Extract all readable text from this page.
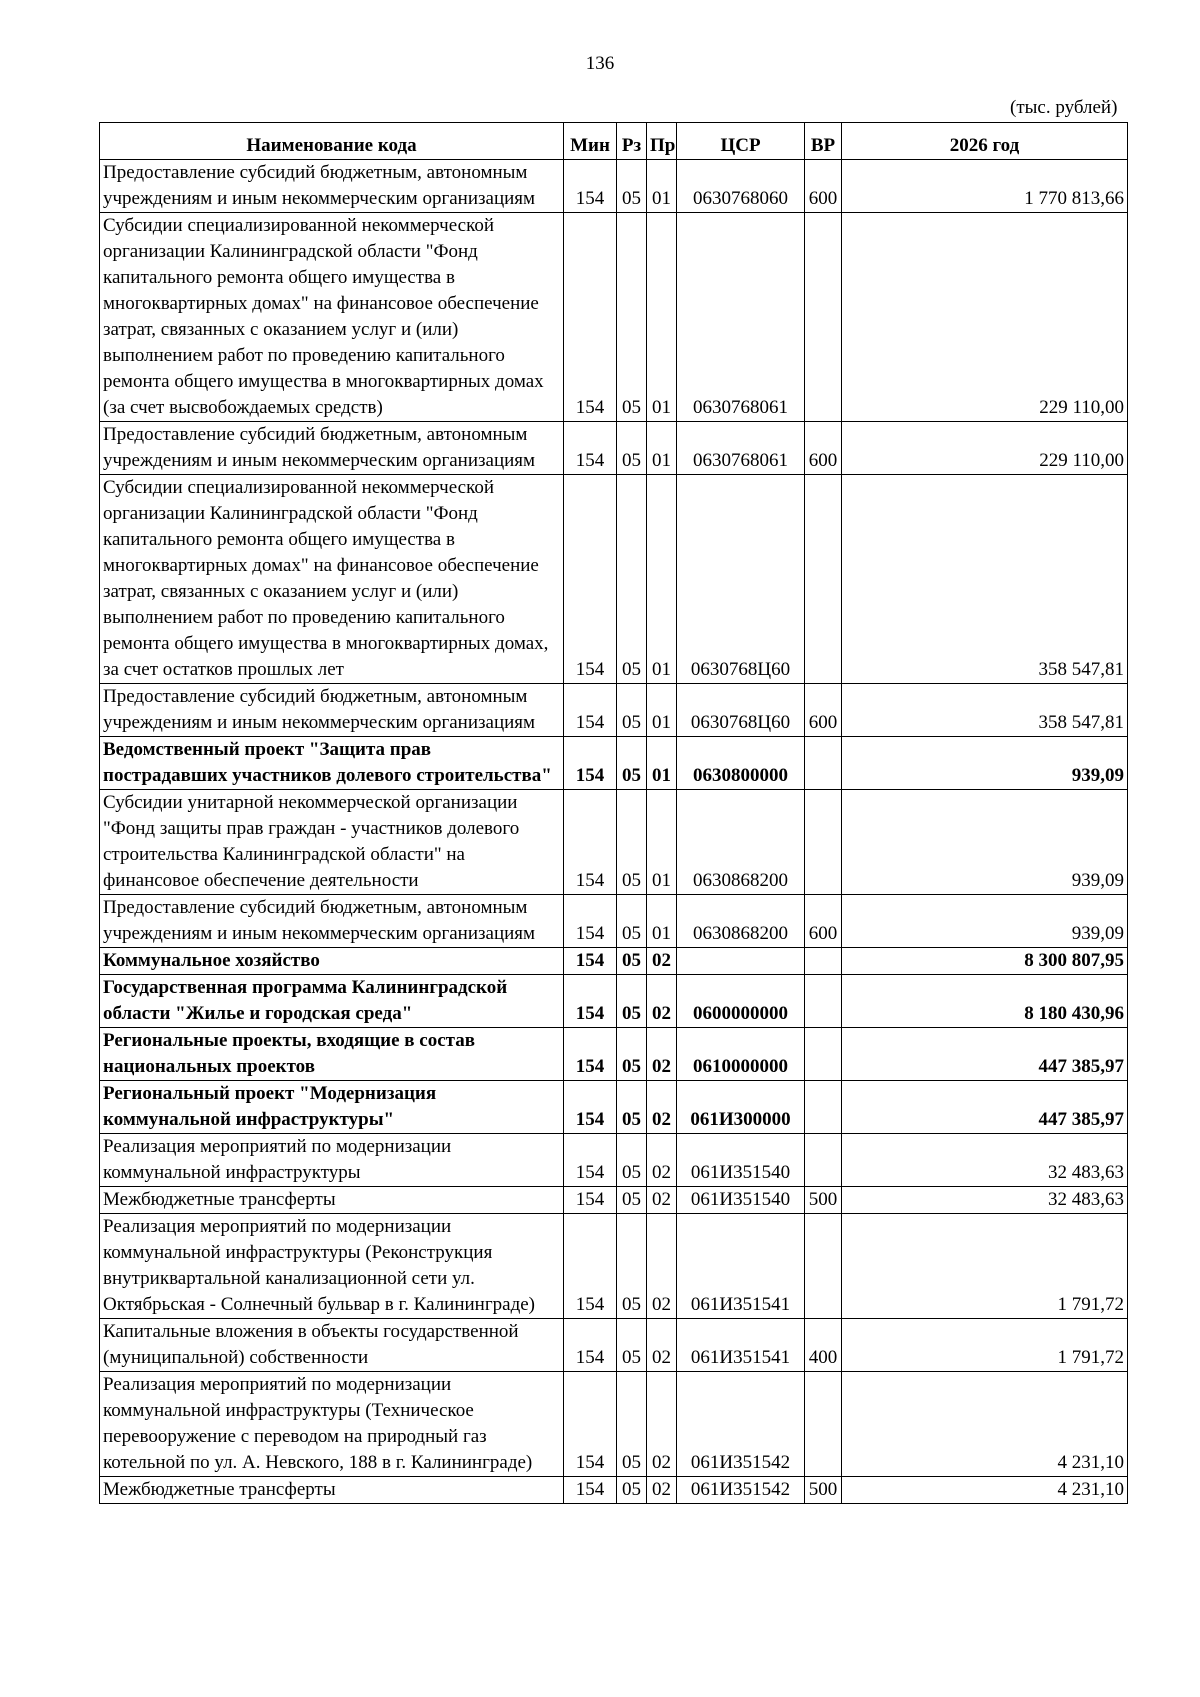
136
(тыс. рублей)
Наименование кода	Мин	Рз	Пр	ЦСР	ВР	2026 год
Предоставление субсидий бюджетным, автономным учреждениям и иным некоммерческим организациям	154	05	01	0630768060	600	1 770 813,66
Субсидии специализированной некоммерческой организации Калининградской области "Фонд капитального ремонта общего имущества в многоквартирных домах" на финансовое обеспечение затрат, связанных с оказанием услуг и (или) выполнением работ по проведению капитального ремонта общего имущества в многоквартирных домах (за счет высвобождаемых средств)	154	05	01	0630768061		229 110,00
Предоставление субсидий бюджетным, автономным учреждениям и иным некоммерческим организациям	154	05	01	0630768061	600	229 110,00
Субсидии специализированной некоммерческой организации Калининградской области "Фонд капитального ремонта общего имущества в многоквартирных домах" на финансовое обеспечение затрат, связанных с оказанием услуг и (или) выполнением работ по проведению капитального ремонта общего имущества в многоквартирных домах, за счет остатков прошлых лет	154	05	01	0630768Ц60		358 547,81
Предоставление субсидий бюджетным, автономным учреждениям и иным некоммерческим организациям	154	05	01	0630768Ц60	600	358 547,81
Ведомственный проект "Защита прав пострадавших участников долевого строительства"	154	05	01	0630800000		939,09
Субсидии унитарной некоммерческой организации "Фонд защиты прав граждан - участников долевого строительства Калининградской области" на финансовое обеспечение деятельности	154	05	01	0630868200		939,09
Предоставление субсидий бюджетным, автономным учреждениям и иным некоммерческим организациям	154	05	01	0630868200	600	939,09
Коммунальное хозяйство	154	05	02			8 300 807,95
Государственная программа Калининградской области "Жилье и городская среда"	154	05	02	0600000000		8 180 430,96
Региональные проекты, входящие в состав национальных проектов	154	05	02	0610000000		447 385,97
Региональный проект "Модернизация коммунальной инфраструктуры"	154	05	02	061И300000		447 385,97
Реализация мероприятий по модернизации коммунальной инфраструктуры	154	05	02	061И351540		32 483,63
Межбюджетные трансферты	154	05	02	061И351540	500	32 483,63
Реализация мероприятий по модернизации коммунальной инфраструктуры (Реконструкция внутриквартальной канализационной сети ул. Октябрьская - Солнечный бульвар в г. Калининграде)	154	05	02	061И351541		1 791,72
Капитальные вложения в объекты государственной (муниципальной) собственности	154	05	02	061И351541	400	1 791,72
Реализация мероприятий по модернизации коммунальной инфраструктуры (Техническое перевооружение с переводом на природный газ котельной по ул. А. Невского, 188 в г. Калининграде)	154	05	02	061И351542		4 231,10
Межбюджетные трансферты	154	05	02	061И351542	500	4 231,10
